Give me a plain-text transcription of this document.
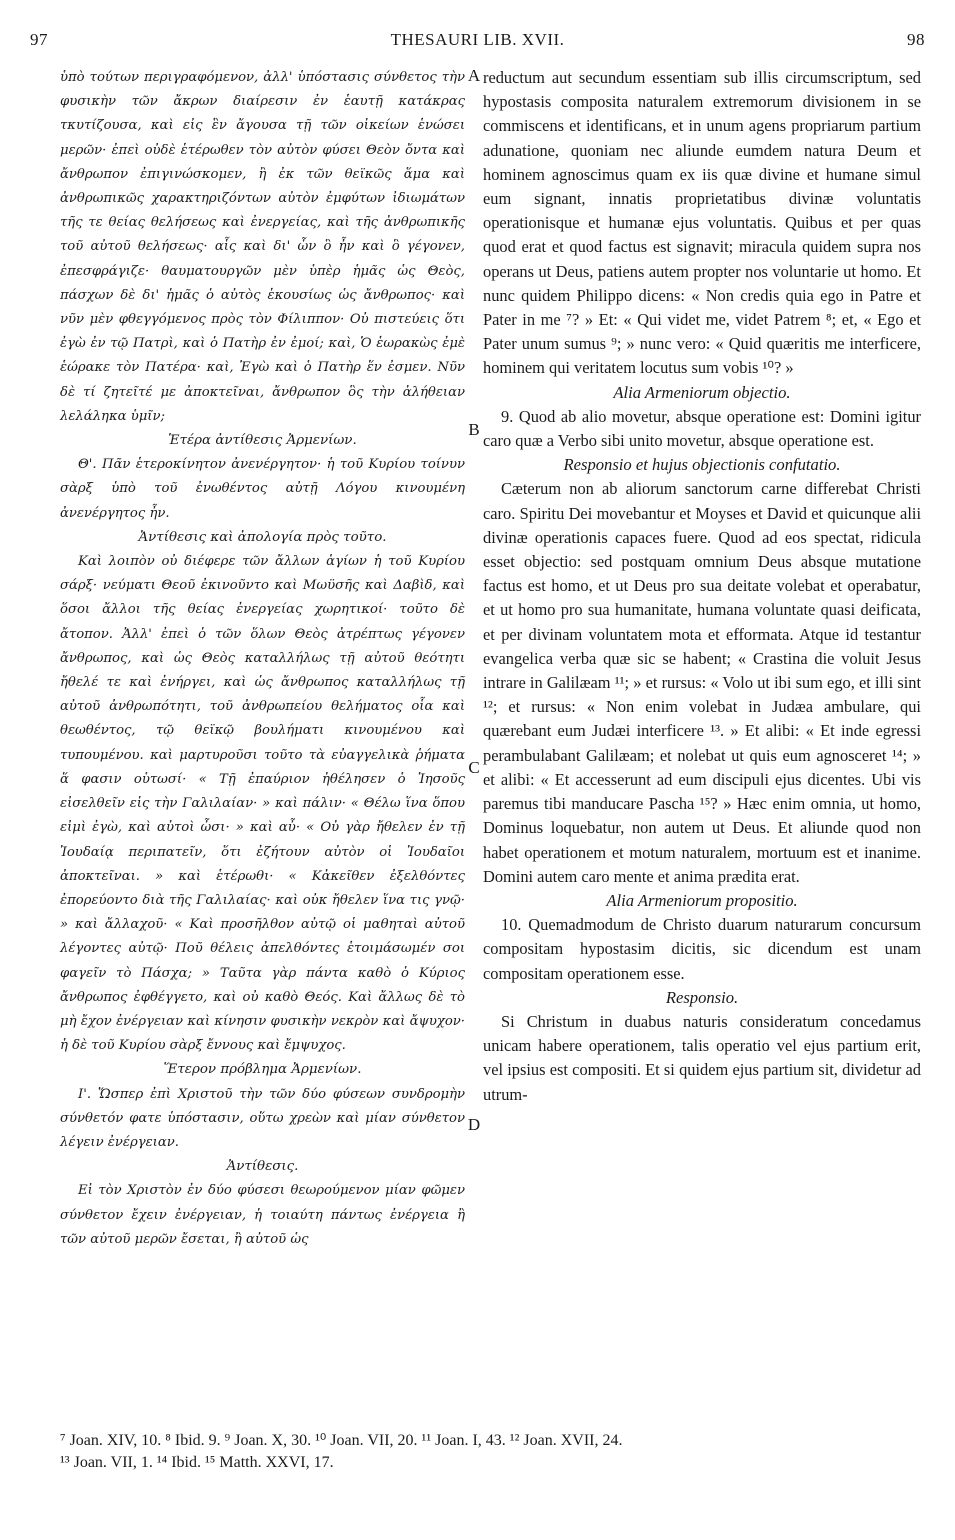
97	THESAURI LIB. XVII.	98
A
B
C
D

ὑπὸ τούτων περιγραφόμενον, ἀλλ' ὑπόστασις σύνθετος τὴν φυσικὴν τῶν ἄκρων διαίρεσιν ἐν ἑαυτῇ κατάκρας τκυτίζουσα, καὶ εἰς ἓν ἄγουσα τῇ τῶν οἰκείων ἑνώσει μερῶν· ἐπεὶ οὐδὲ ἑτέρωθεν τὸν αὐτὸν φύσει Θεὸν ὄντα καὶ ἄνθρωπον ἐπιγινώσκομεν, ἢ ἐκ τῶν θεϊκῶς ἅμα καὶ ἀνθρωπικῶς χαρακτηριζόντων αὐτὸν ἐμφύτων ἰδιωμάτων τῆς τε θείας θελήσεως καὶ ἐνεργείας, καὶ τῆς ἀνθρωπικῆς τοῦ αὐτοῦ θελήσεως· αἷς καὶ δι' ὧν ὃ ἦν καὶ ὃ γέγονεν, ἐπεσφράγιζε· θαυματουργῶν μὲν ὑπὲρ ἡμᾶς ὡς Θεὸς, πάσχων δὲ δι' ἡμᾶς ὁ αὐτὸς ἑκουσίως ὡς ἄνθρωπος· καὶ νῦν μὲν φθεγγόμενος πρὸς τὸν Φίλιππον· Οὐ πιστεύεις ὅτι ἐγὼ ἐν τῷ Πατρὶ, καὶ ὁ Πατὴρ ἐν ἐμοί; καὶ, Ὁ ἑωρακὼς ἐμὲ ἑώρακε τὸν Πατέρα· καὶ, Ἐγὼ καὶ ὁ Πατὴρ ἕν ἐσμεν. Νῦν δὲ τί ζητεῖτέ με ἀποκτεῖναι, ἄνθρωπον ὃς τὴν ἀλήθειαν λελάληκα ὑμῖν;

Ἑτέρα ἀντίθεσις Ἀρμενίων.

Θ'. Πᾶν ἑτεροκίνητον ἀνενέργητον· ἡ τοῦ Κυρίου τοίνυν σὰρξ ὑπὸ τοῦ ἐνωθέντος αὐτῇ Λόγου κινουμένη ἀνενέργητος ἦν.

Ἀντίθεσις καὶ ἀπολογία πρὸς τοῦτο.

Καὶ λοιπὸν οὐ διέφερε τῶν ἄλλων ἁγίων ἡ τοῦ Κυρίου σάρξ· νεύματι Θεοῦ ἐκινοῦντο καὶ Μωϋσῆς καὶ Δαβὶδ, καὶ ὅσοι ἄλλοι τῆς θείας ἐνεργείας χωρητικοί· τοῦτο δὲ ἄτοπον. Ἀλλ' ἐπεὶ ὁ τῶν ὅλων Θεὸς ἀτρέπτως γέγονεν ἄνθρωπος, καὶ ὡς Θεὸς καταλλήλως τῇ αὐτοῦ θεότητι ἤθελέ τε καὶ ἐνήργει, καὶ ὡς ἄνθρωπος καταλλήλως τῇ αὐτοῦ ἀνθρωπότητι, τοῦ ἀνθρωπείου θελήματος οἷα καὶ θεωθέντος, τῷ θεϊκῷ βουλήματι κινουμένου καὶ τυπουμένου. καὶ μαρτυροῦσι τοῦτο τὰ εὐαγγελικὰ ῥήματα ἅ φασιν οὑτωσί· « Τῇ ἐπαύριον ἠθέλησεν ὁ Ἰησοῦς εἰσελθεῖν εἰς τὴν Γαλιλαίαν· » καὶ πάλιν· « Θέλω ἵνα ὅπου εἰμὶ ἐγὼ, καὶ αὐτοὶ ὦσι· » καὶ αὖ· « Οὐ γὰρ ἤθελεν ἐν τῇ Ἰουδαίᾳ περιπατεῖν, ὅτι ἐζήτουν αὐτὸν οἱ Ἰουδαῖοι ἀποκτεῖναι. » καὶ ἑτέρωθι· « Κἀκεῖθεν ἐξελθόντες ἐπορεύοντο διὰ τῆς Γαλιλαίας· καὶ οὐκ ἤθελεν ἵνα τις γνῷ· » καὶ ἄλλαχοῦ· « Καὶ προσῆλθον αὐτῷ οἱ μαθηταὶ αὐτοῦ λέγοντες αὐτῷ· Ποῦ θέλεις ἀπελθόντες ἑτοιμάσωμέν σοι φαγεῖν τὸ Πάσχα; » Ταῦτα γὰρ πάντα καθὸ ὁ Κύριος ἄνθρωπος ἐφθέγγετο, καὶ οὐ καθὸ Θεός. Καὶ ἄλλως δὲ τὸ μὴ ἔχον ἐνέργειαν καὶ κίνησιν φυσικὴν νεκρὸν καὶ ἄψυχον· ἡ δὲ τοῦ Κυρίου σὰρξ ἔννους καὶ ἔμψυχος.

Ἕτερον πρόβλημα Ἀρμενίων.

Ι'. Ὥσπερ ἐπὶ Χριστοῦ τὴν τῶν δύο φύσεων συνδρομὴν σύνθετόν φατε ὑπόστασιν, οὕτω χρεὼν καὶ μίαν σύνθετον λέγειν ἐνέργειαν.

Ἀντίθεσις.

Εἰ τὸν Χριστὸν ἐν δύο φύσεσι θεωρούμενον μίαν φῶμεν σύνθετον ἔχειν ἐνέργειαν, ἡ τοιαύτη πάντως ἐνέργεια ἢ τῶν αὐτοῦ μερῶν ἔσεται, ἢ αὐτοῦ ὡς

reductum aut secundum essentiam sub illis circumscriptum, sed hypostasis composita naturalem extremorum divisionem in se commiscens et identificans, et in unum agens propriarum partium adunatione, quoniam nec aliunde eumdem natura Deum et hominem agnoscimus quam ex iis quæ divine et humane simul eum signant, innatis proprietatibus divinæ voluntatis operationisque et humanæ ejus voluntatis. Quibus et per quas quod erat et quod factus est signavit; miracula quidem supra nos operans ut Deus, patiens autem propter nos voluntarie ut homo. Et nunc quidem Philippo dicens: « Non credis quia ego in Patre et Pater in me ⁷? » Et: « Qui videt me, videt Patrem ⁸; et, « Ego et Pater unum sumus ⁹; » nunc vero: « Quid quæritis me interficere, hominem qui veritatem locutus sum vobis ¹⁰? »

Alia Armeniorum objectio.

9. Quod ab alio movetur, absque operatione est: Domini igitur caro quæ a Verbo sibi unito movetur, absque operatione est.

Responsio et hujus objectionis confutatio.

Cæterum non ab aliorum sanctorum carne differebat Christi caro. Spiritu Dei movebantur et Moyses et David et quicunque alii divinæ operationis capaces fuere. Quod ad eos spectat, ridicula esset objectio: sed postquam omnium Deus absque mutatione factus est homo, et ut Deus pro sua deitate volebat et operabatur, et ut homo pro sua humanitate, humana voluntate quasi deificata, et per divinam voluntatem mota et efformata. Atque id testantur evangelica verba quæ sic se habent; « Crastina die voluit Jesus intrare in Galilæam ¹¹; » et rursus: « Volo ut ibi sum ego, et illi sint ¹²; et rursus: « Non enim volebat in Judæa ambulare, qui quærebant eum Judæi interficere ¹³. » Et alibi: « Et inde egressi perambulabant Galilæam; et nolebat ut quis eum agnosceret ¹⁴; » et alibi: « Et accesserunt ad eum discipuli ejus dicentes. Ubi vis paremus tibi manducare Pascha ¹⁵? » Hæc enim omnia, ut homo, Dominus loquebatur, non autem ut Deus. Et aliunde quod non habet operationem et motum naturalem, mortuum est et inanime. Domini autem caro mente et anima prædita erat.

Alia Armeniorum propositio.

10. Quemadmodum de Christo duarum naturarum concursum compositam hypostasim dicitis, sic dicendum est unam compositam operationem esse.

Responsio.

Si Christum in duabus naturis consideratum concedamus unicam habere operationem, talis operatio vel ejus partium erit, vel ipsius est compositi. Et si quidem ejus partium sit, dividetur ad utrum-

⁷ Joan. XIV, 10. ⁸ Ibid. 9. ⁹ Joan. X, 30. ¹⁰ Joan. VII, 20. ¹¹ Joan. I, 43. ¹² Joan. XVII, 24.
¹³ Joan. VII, 1. ¹⁴ Ibid. ¹⁵ Matth. XXVI, 17.
